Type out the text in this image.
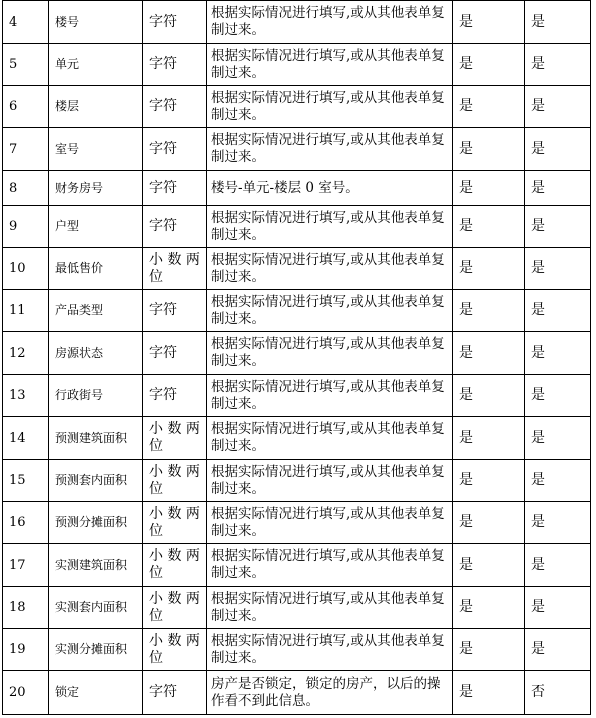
4	楼号	字符	根据实际情况进行填写,或从其他表单复制过来。	是	是
5	单元	字符	根据实际情况进行填写,或从其他表单复制过来。	是	是
6	楼层	字符	根据实际情况进行填写,或从其他表单复制过来。	是	是
7	室号	字符	根据实际情况进行填写,或从其他表单复制过来。	是	是
8	财务房号	字符	楼号-单元-楼层 0 室号。	是	是
9	户型	字符	根据实际情况进行填写,或从其他表单复制过来。	是	是
10	最低售价	小 数 两位	根据实际情况进行填写,或从其他表单复制过来。	是	是
11	产品类型	字符	根据实际情况进行填写,或从其他表单复制过来。	是	是
12	房源状态	字符	根据实际情况进行填写,或从其他表单复制过来。	是	是
13	行政街号	字符	根据实际情况进行填写,或从其他表单复制过来。	是	是
14	预测建筑面积	小 数 两位	根据实际情况进行填写,或从其他表单复制过来。	是	是
15	预测套内面积	小 数 两位	根据实际情况进行填写,或从其他表单复制过来。	是	是
16	预测分摊面积	小 数 两位	根据实际情况进行填写,或从其他表单复制过来。	是	是
17	实测建筑面积	小 数 两位	根据实际情况进行填写,或从其他表单复制过来。	是	是
18	实测套内面积	小 数 两位	根据实际情况进行填写,或从其他表单复制过来。	是	是
19	实测分摊面积	小 数 两位	根据实际情况进行填写,或从其他表单复制过来。	是	是
20	锁定	字符	房产是否锁定，锁定的房产，以后的操作看不到此信息。	是	否
